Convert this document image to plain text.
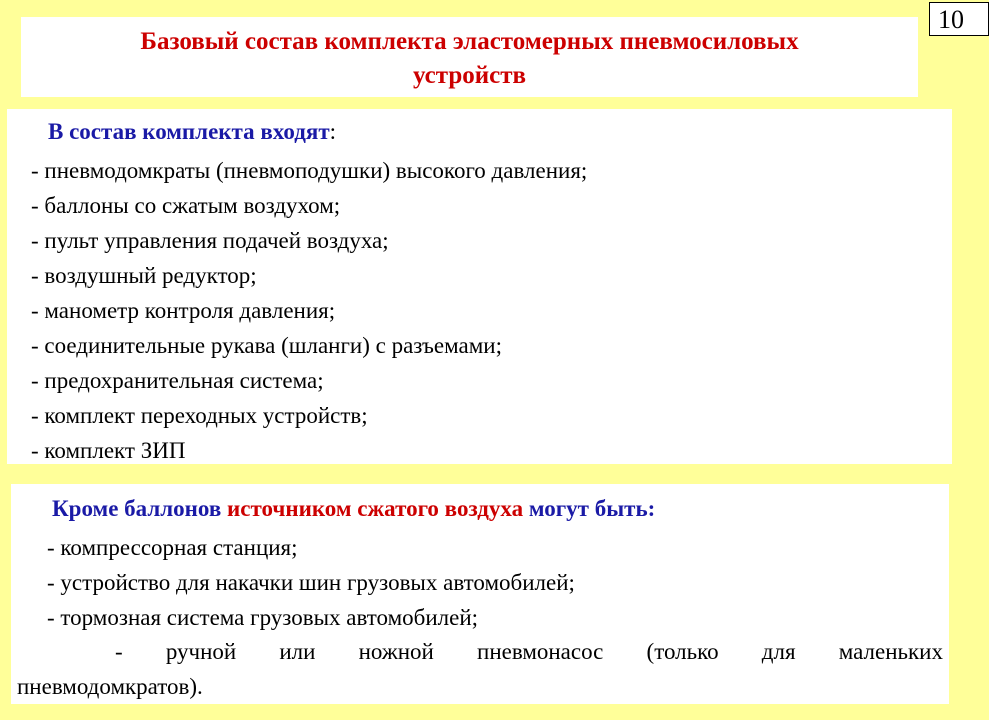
10
Базовый состав комплекта эластомерных пневмосиловых
устройств
В состав комплекта входят:
- пневмодомкраты (пневмоподушки) высокого давления;
- баллоны со сжатым воздухом;
- пульт управления подачей воздуха;
- воздушный редуктор;
- манометр контроля давления;
- соединительные рукава (шланги) с разъемами;
- предохранительная система;
- комплект переходных устройств;
- комплект ЗИП
Кроме баллонов источником сжатого воздуха могут быть:
- компрессорная станция;
- устройство для накачки шин грузовых автомобилей;
- тормозная система грузовых автомобилей;
- ручной или ножной пневмонасос (только для маленьких
пневмодомкратов).
